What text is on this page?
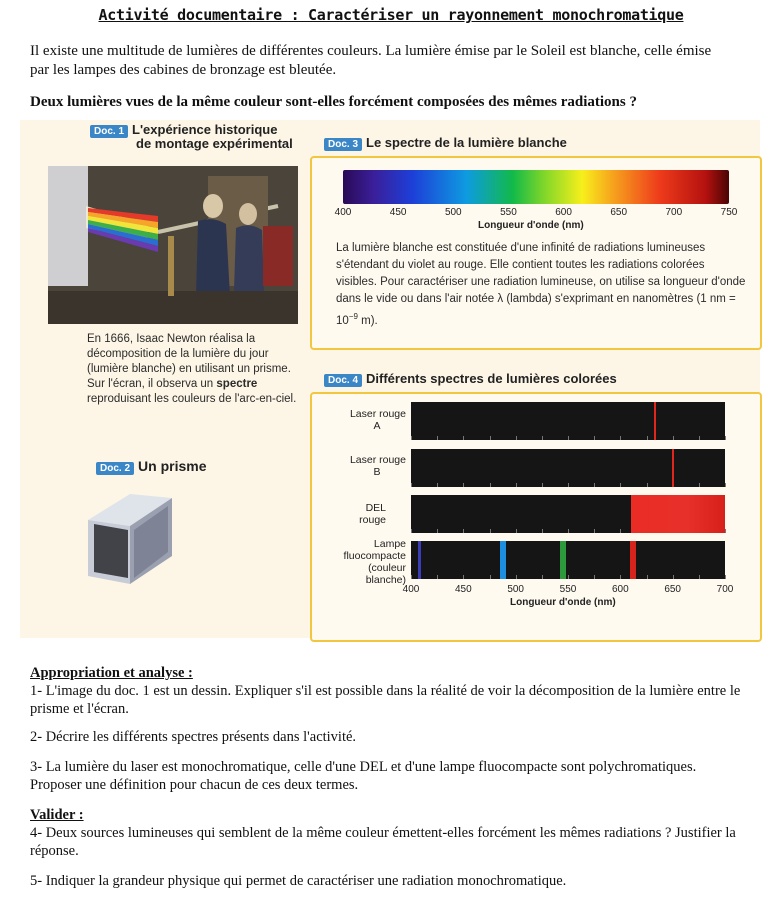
Activité documentaire : Caractériser un rayonnement monochromatique
Il existe une multitude de lumières de différentes couleurs. La lumière émise par le Soleil est blanche, celle émise par les lampes des cabines de bronzage est bleutée.
Deux lumières vues de la même couleur sont-elles forcément composées des mêmes radiations ?
Doc. 1 L'expérience historique
de montage expérimental
En 1666, Isaac Newton réalisa la décomposition de la lumière du jour (lumière blanche) en utilisant un prisme. Sur l'écran, il observa un spectre reproduisant les couleurs de l'arc-en-ciel.
Doc. 2 Un prisme
Doc. 3 Le spectre de la lumière blanche
400	450	500	550	600	650	700	750
Longueur d'onde (nm)
La lumière blanche est constituée d'une infinité de radiations lumineuses s'étendant du violet au rouge. Elle contient toutes les radiations colorées visibles. Pour caractériser une radiation lumineuse, on utilise sa longueur d'onde dans le vide ou dans l'air notée λ (lambda) s'exprimant en nanomètres (1 nm = $10^{-9}$ m).
Doc. 4 Différents spectres de lumières colorées
Laser rouge
A
Laser rouge
B
DEL
rouge
Lampe
fluocompacte
(couleur
blanche)
400	450	500	550	600	650	700
Longueur d'onde (nm)
Appropriation et analyse :
1- L'image du doc. 1 est un dessin. Expliquer s'il est possible dans la réalité de voir la décomposition de la lumière entre le prisme et l'écran.
2- Décrire les différents spectres présents dans l'activité.
3- La lumière du laser est monochromatique, celle d'une DEL et d'une lampe fluocompacte sont polychromatiques. Proposer une définition pour chacun de ces deux termes.
Valider :
4- Deux sources lumineuses qui semblent de la même couleur émettent-elles forcément les mêmes radiations ? Justifier la réponse.
5- Indiquer la grandeur physique qui permet de caractériser une radiation monochromatique.
